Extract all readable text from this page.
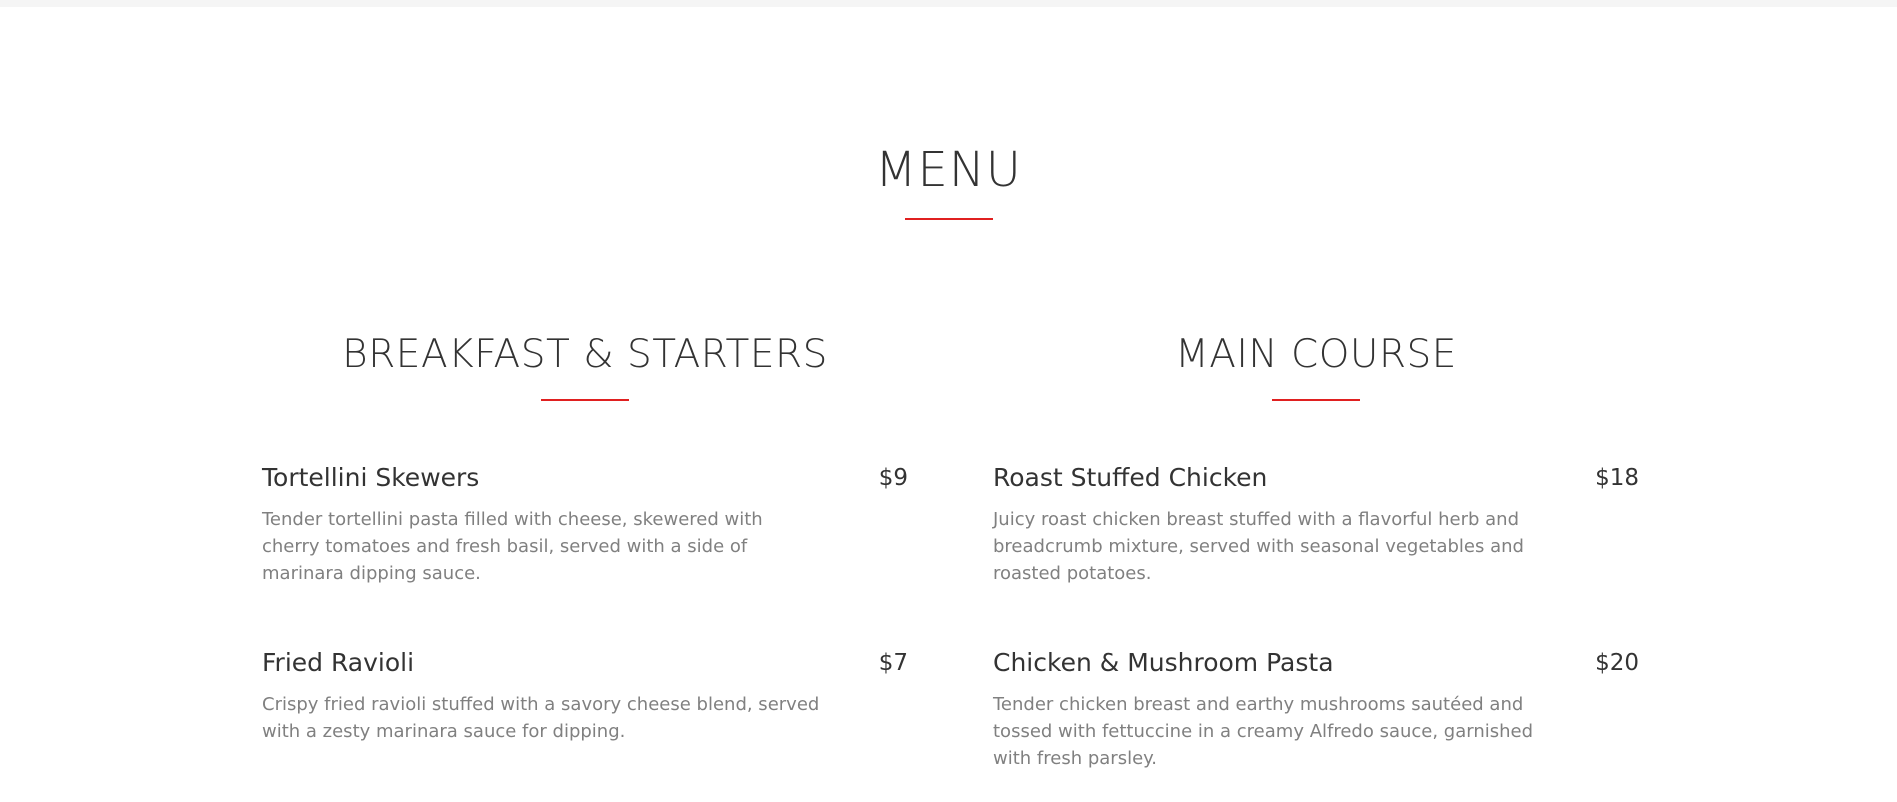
MENU
BREAKFAST & STARTERS
Tortellini Skewers	$9

Tender tortellini pasta filled with cheese, skewered with cherry tomatoes and fresh basil, served with a side of marinara dipping sauce.

Fried Ravioli	$7

Crispy fried ravioli stuffed with a savory cheese blend, served with a zesty marinara sauce for dipping.

MAIN COURSE
Roast Stuffed Chicken	$18

Juicy roast chicken breast stuffed with a flavorful herb and breadcrumb mixture, served with seasonal vegetables and roasted potatoes.

Chicken & Mushroom Pasta	$20

Tender chicken breast and earthy mushrooms sautéed and tossed with fettuccine in a creamy Alfredo sauce, garnished with fresh parsley.
